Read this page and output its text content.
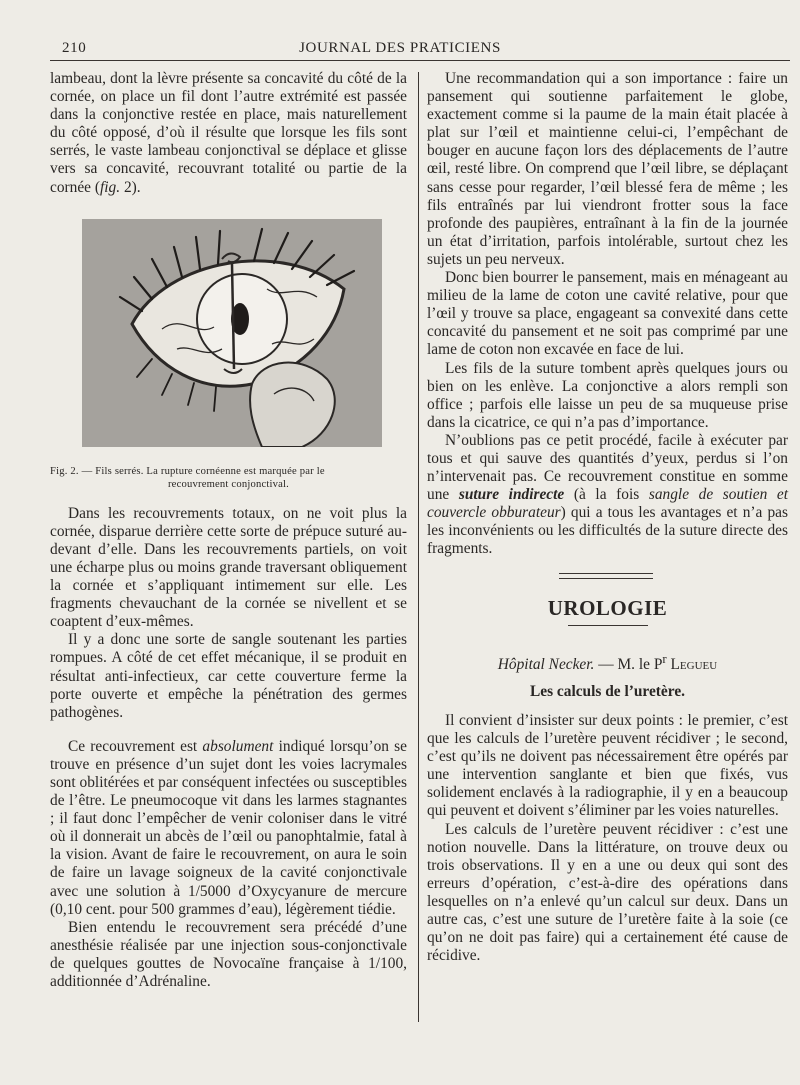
210	JOURNAL DES PRATICIENS

lambeau, dont la lèvre présente sa concavité du côté de la cornée, on place un fil dont l’autre extrémité est passée dans la conjonctive restée en place, mais naturellement du côté opposé, d’où il résulte que lorsque les fils sont serrés, le vaste lambeau conjonctival se déplace et glisse vers sa concavité, recouvrant totalité ou partie de la cornée (fig. 2).

Fig. 2. — Fils serrés. La rupture cornéenne est marquée par le
recouvrement conjonctival.

Dans les recouvrements totaux, on ne voit plus la cornée, disparue derrière cette sorte de prépuce suturé au-devant d’elle. Dans les recouvrements partiels, on voit une écharpe plus ou moins grande traversant obliquement la cornée et s’appliquant intimement sur elle. Les fragments chevauchant de la cornée se nivellent et se coaptent d’eux-mêmes.

Il y a donc une sorte de sangle soutenant les parties rompues. A côté de cet effet mécanique, il se produit en résultat anti-infectieux, car cette couverture ferme la porte ouverte et empêche la pénétration des germes pathogènes.

Ce recouvrement est absolument indiqué lorsqu’on se trouve en présence d’un sujet dont les voies lacrymales sont oblitérées et par conséquent infectées ou susceptibles de l’être. Le pneumocoque vit dans les larmes stagnantes ; il faut donc l’empêcher de venir coloniser dans le vitré où il donnerait un abcès de l’œil ou panophtalmie, fatal à la vision. Avant de faire le recouvrement, on aura le soin de faire un lavage soigneux de la cavité conjonctivale avec une solution à 1/5000 d’Oxycyanure de mercure (0,10 cent. pour 500 grammes d’eau), légèrement tiédie.

Bien entendu le recouvrement sera précédé d’une anesthésie réalisée par une injection sous-conjonctivale de quelques gouttes de Novocaïne française à 1/100, additionnée d’Adrénaline.

Une recommandation qui a son importance : faire un pansement qui soutienne parfaitement le globe, exactement comme si la paume de la main était placée à plat sur l’œil et maintienne celui-ci, l’empêchant de bouger en aucune façon lors des déplacements de l’autre œil, resté libre. On comprend que l’œil libre, se déplaçant sans cesse pour regarder, l’œil blessé fera de même ; les fils entraînés par lui viendront frotter sous la face profonde des paupières, entraînant à la fin de la journée un état d’irritation, parfois intolérable, surtout chez les sujets un peu nerveux.

Donc bien bourrer le pansement, mais en ménageant au milieu de la lame de coton une cavité relative, pour que l’œil y trouve sa place, engageant sa convexité dans cette concavité du pansement et ne soit pas comprimé par une lame de coton non excavée en face de lui.

Les fils de la suture tombent après quelques jours ou bien on les enlève. La conjonctive a alors rempli son office ; parfois elle laisse un peu de sa muqueuse prise dans la cicatrice, ce qui n’a pas d’importance.

N’oublions pas ce petit procédé, facile à exécuter par tous et qui sauve des quantités d’yeux, perdus si l’on n’intervenait pas. Ce recouvrement constitue en somme une suture indirecte (à la fois sangle de soutien et couvercle obburateur) qui a tous les avantages et n’a pas les inconvénients ou les difficultés de la suture directe des fragments.

UROLOGIE
Hôpital Necker. — M. le $P^r$ Legueu
Les calculs de l’uretère.

Il convient d’insister sur deux points : le premier, c’est que les calculs de l’uretère peuvent récidiver ; le second, c’est qu’ils ne doivent pas nécessairement être opérés par une intervention sanglante et bien que fixés, vus solidement enclavés à la radiographie, il y en a beaucoup qui peuvent et doivent s’éliminer par les voies naturelles.

Les calculs de l’uretère peuvent récidiver : c’est une notion nouvelle. Dans la littérature, on trouve deux ou trois observations. Il y en a une ou deux qui sont des erreurs d’opération, c’est-à-dire des opérations dans lesquelles on n’a enlevé qu’un calcul sur deux. Dans un autre cas, c’est une suture de l’uretère faite à la soie (ce qu’on ne doit pas faire) qui a certainement été cause de récidive.
